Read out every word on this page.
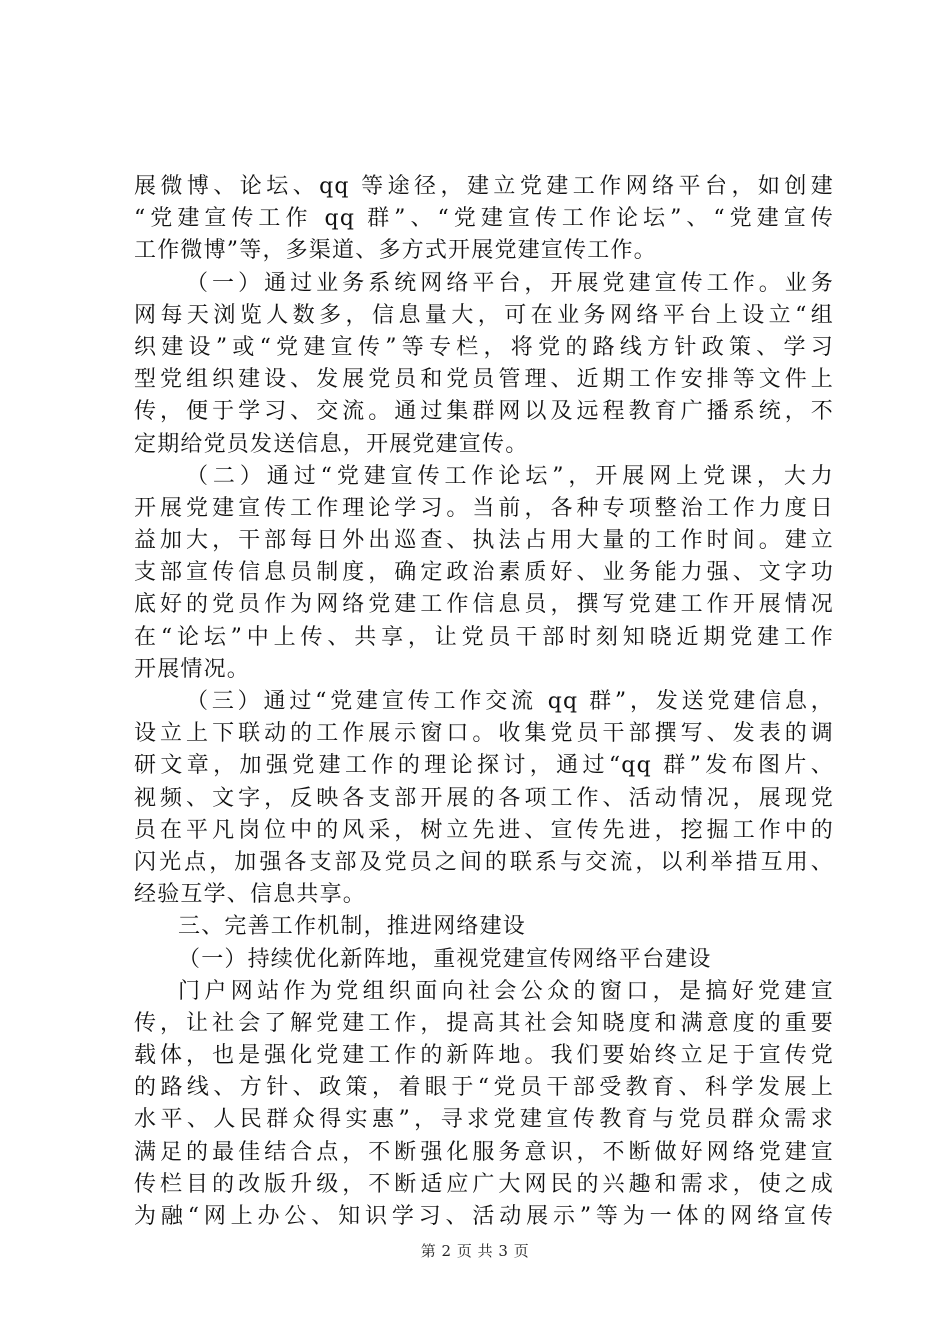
展微博、论坛、qq 等途径，建立党建工作网络平台，如创建
“党建宣传工作 qq 群”、“党建宣传工作论坛”、“党建宣传
工作微博”等，多渠道、多方式开展党建宣传工作。
（一）通过业务系统网络平台，开展党建宣传工作。业务
网每天浏览人数多，信息量大，可在业务网络平台上设立“组
织建设”或“党建宣传”等专栏，将党的路线方针政策、学习
型党组织建设、发展党员和党员管理、近期工作安排等文件上
传，便于学习、交流。通过集群网以及远程教育广播系统，不
定期给党员发送信息，开展党建宣传。
（二）通过“党建宣传工作论坛”，开展网上党课，大力
开展党建宣传工作理论学习。当前，各种专项整治工作力度日
益加大，干部每日外出巡查、执法占用大量的工作时间。建立
支部宣传信息员制度，确定政治素质好、业务能力强、文字功
底好的党员作为网络党建工作信息员，撰写党建工作开展情况
在“论坛”中上传、共享，让党员干部时刻知晓近期党建工作
开展情况。
（三）通过“党建宣传工作交流 qq 群”，发送党建信息，
设立上下联动的工作展示窗口。收集党员干部撰写、发表的调
研文章，加强党建工作的理论探讨，通过“qq 群”发布图片、
视频、文字，反映各支部开展的各项工作、活动情况，展现党
员在平凡岗位中的风采，树立先进、宣传先进，挖掘工作中的
闪光点，加强各支部及党员之间的联系与交流，以利举措互用、
经验互学、信息共享。
三、完善工作机制，推进网络建设
（一）持续优化新阵地，重视党建宣传网络平台建设
门户网站作为党组织面向社会公众的窗口，是搞好党建宣
传，让社会了解党建工作，提高其社会知晓度和满意度的重要
载体，也是强化党建工作的新阵地。我们要始终立足于宣传党
的路线、方针、政策，着眼于“党员干部受教育、科学发展上
水平、人民群众得实惠”，寻求党建宣传教育与党员群众需求
满足的最佳结合点，不断强化服务意识，不断做好网络党建宣
传栏目的改版升级，不断适应广大网民的兴趣和需求，使之成
为融“网上办公、知识学习、活动展示”等为一体的网络宣传
第 2 页 共 3 页
